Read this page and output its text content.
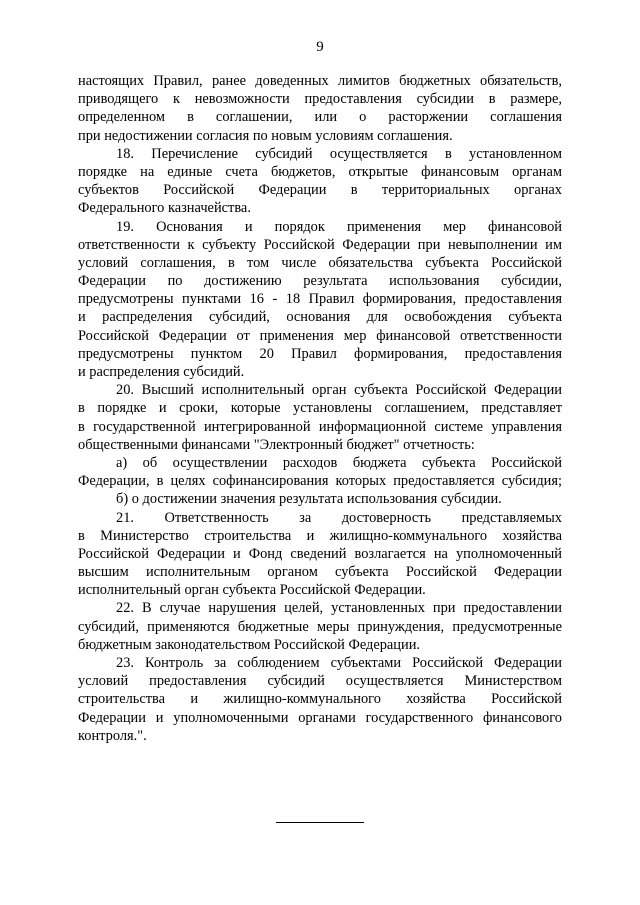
9

настоящих Правил, ранее доведенных лимитов бюджетных обязательств,

приводящего к невозможности предоставления субсидии в размере,

определенном в соглашении, или о расторжении соглашения

при недостижении согласия по новым условиям соглашения.

18. Перечисление субсидий осуществляется в установленном

порядке на единые счета бюджетов, открытые финансовым органам

субъектов Российской Федерации в территориальных органах

Федерального казначейства.

19. Основания и порядок применения мер финансовой

ответственности к субъекту Российской Федерации при невыполнении им

условий соглашения, в том числе обязательства субъекта Российской

Федерации по достижению результата использования субсидии,

предусмотрены пунктами 16 - 18 Правил формирования, предоставления

и распределения субсидий, основания для освобождения субъекта

Российской Федерации от применения мер финансовой ответственности

предусмотрены пунктом 20 Правил формирования, предоставления

и распределения субсидий.

20. Высший исполнительный орган субъекта Российской Федерации

в порядке и сроки, которые установлены соглашением, представляет

в государственной интегрированной информационной системе управления

общественными финансами "Электронный бюджет" отчетность:

а) об осуществлении расходов бюджета субъекта Российской

Федерации, в целях софинансирования которых предоставляется субсидия;

б) о достижении значения результата использования субсидии.

21. Ответственность за достоверность представляемых

в Министерство строительства и жилищно-коммунального хозяйства

Российской Федерации и Фонд сведений возлагается на уполномоченный

высшим исполнительным органом субъекта Российской Федерации

исполнительный орган субъекта Российской Федерации.

22. В случае нарушения целей, установленных при предоставлении

субсидий, применяются бюджетные меры принуждения, предусмотренные

бюджетным законодательством Российской Федерации.

23. Контроль за соблюдением субъектами Российской Федерации

условий предоставления субсидий осуществляется Министерством

строительства и жилищно-коммунального хозяйства Российской

Федерации и уполномоченными органами государственного финансового

контроля.".
